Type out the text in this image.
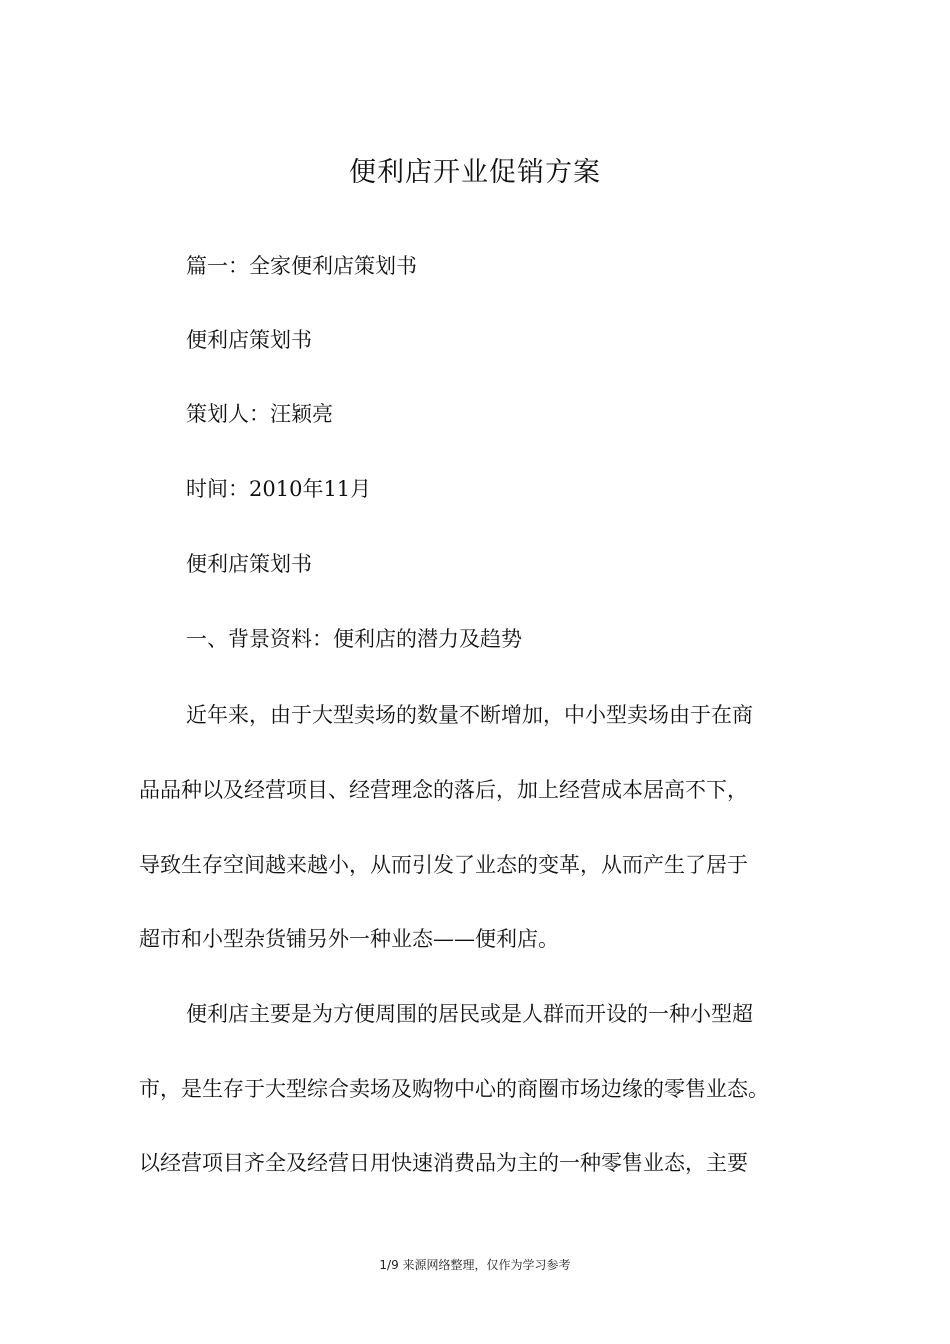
便利店开业促销方案
篇一：全家便利店策划书
便利店策划书
策划人：汪颖亮
时间：2010年11月
便利店策划书
一、背景资料：便利店的潜力及趋势
近年来，由于大型卖场的数量不断增加，中小型卖场由于在商
品品种以及经营项目、经营理念的落后，加上经营成本居高不下，
导致生存空间越来越小，从而引发了业态的变革，从而产生了居于
超市和小型杂货铺另外一种业态——便利店。
便利店主要是为方便周围的居民或是人群而开设的一种小型超
市，是生存于大型综合卖场及购物中心的商圈市场边缘的零售业态。
以经营项目齐全及经营日用快速消费品为主的一种零售业态，主要
1/9 来源网络整理，仅作为学习参考
